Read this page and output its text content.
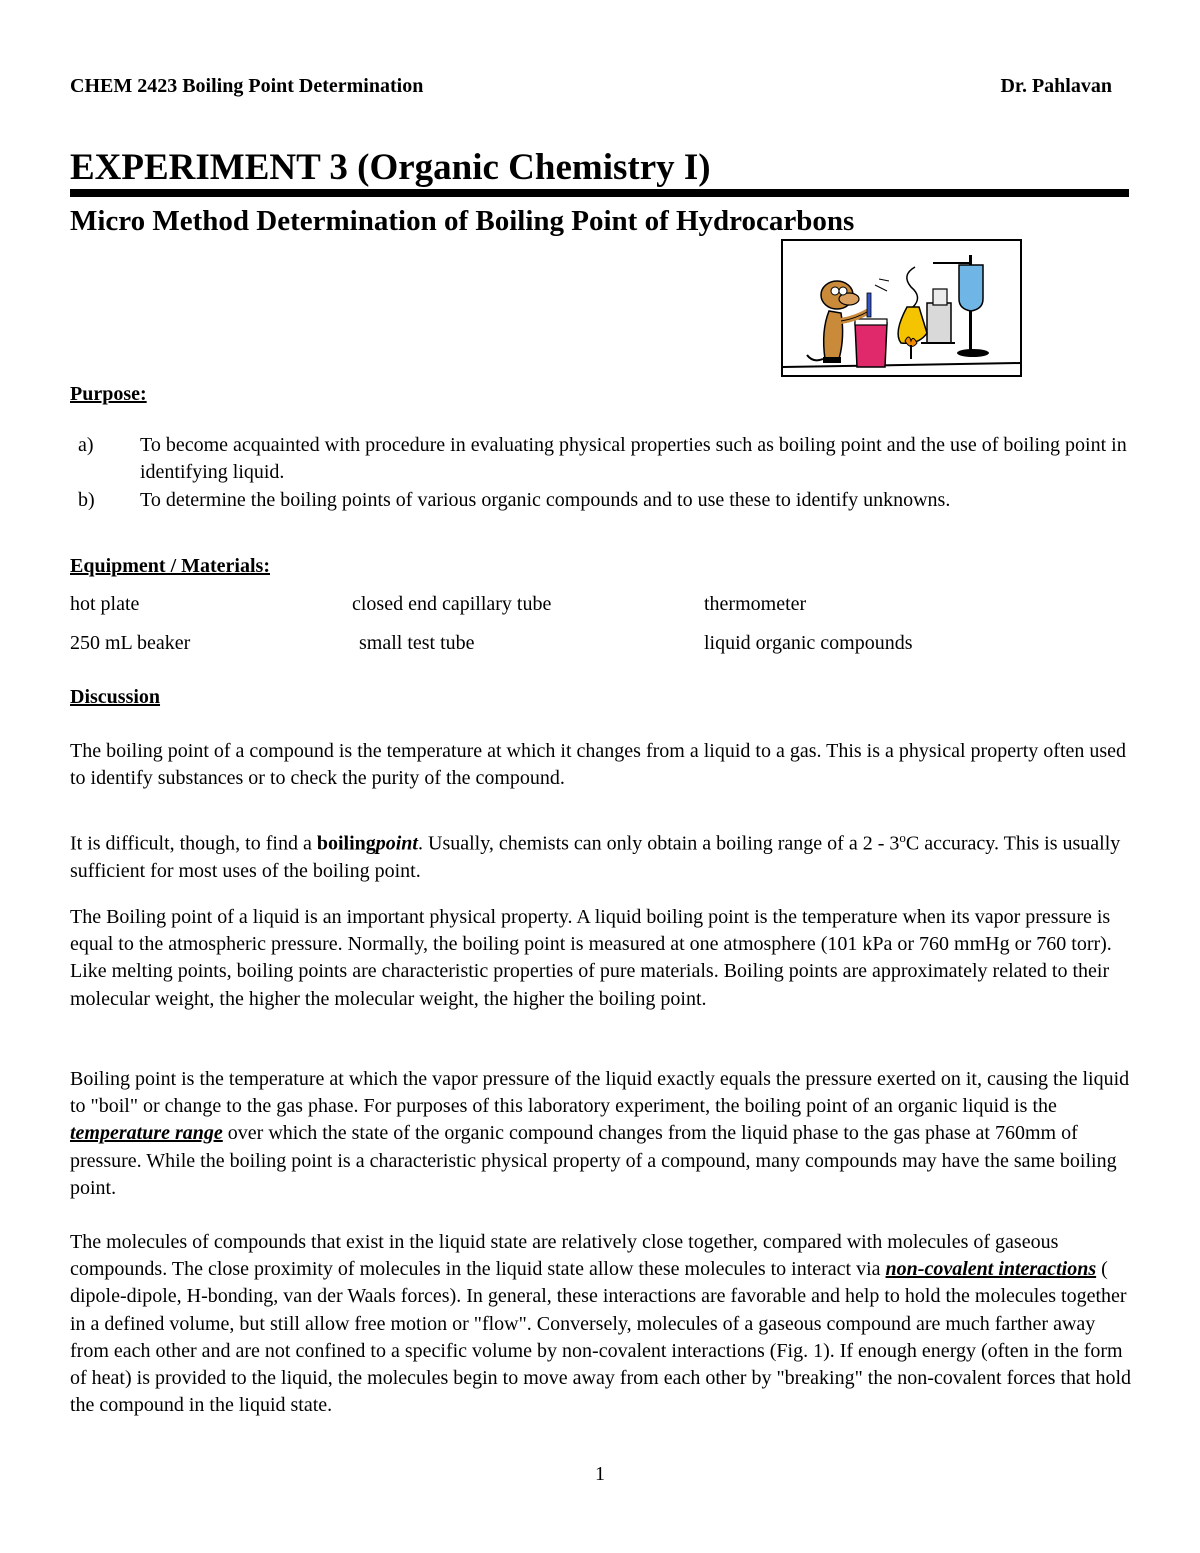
CHEM 2423 Boiling Point Determination	Dr. Pahlavan
EXPERIMENT 3 (Organic Chemistry I)
Micro Method Determination of Boiling Point of Hydrocarbons
Purpose:
a) To become acquainted with procedure in evaluating physical properties such as boiling point and the use of boiling point in identifying liquid.
b) To determine the boiling points of various organic compounds and to use these to identify unknowns.
Equipment / Materials:
hot plate	closed end capillary tube	thermometer
250 mL beaker	small test tube	liquid organic compounds
Discussion
The boiling point of a compound is the temperature at which it changes from a liquid to a gas. This is a physical property often used to identify substances or to check the purity of the compound.
It is difficult, though, to find a boilingpoint. Usually, chemists can only obtain a boiling range of a 2 - 3$^o$C accuracy. This is usually sufficient for most uses of the boiling point.
The Boiling point of a liquid is an important physical property. A liquid boiling point is the temperature when its vapor pressure is equal to the atmospheric pressure. Normally, the boiling point is measured at one atmosphere (101 kPa or 760 mmHg or 760 torr). Like melting points, boiling points are characteristic properties of pure materials. Boiling points are approximately related to their molecular weight, the higher the molecular weight, the higher the boiling point.
Boiling point is the temperature at which the vapor pressure of the liquid exactly equals the pressure exerted on it, causing the liquid to "boil" or change to the gas phase. For purposes of this laboratory experiment, the boiling point of an organic liquid is the temperature range over which the state of the organic compound changes from the liquid phase to the gas phase at 760mm of pressure. While the boiling point is a characteristic physical property of a compound, many compounds may have the same boiling point.
The molecules of compounds that exist in the liquid state are relatively close together, compared with molecules of gaseous compounds. The close proximity of molecules in the liquid state allow these molecules to interact via non-covalent interactions ( dipole-dipole, H-bonding, van der Waals forces). In general, these interactions are favorable and help to hold the molecules together in a defined volume, but still allow free motion or "flow". Conversely, molecules of a gaseous compound are much farther away from each other and are not confined to a specific volume by non-covalent interactions (Fig. 1). If enough energy (often in the form of heat) is provided to the liquid, the molecules begin to move away from each other by "breaking" the non-covalent forces that hold the compound in the liquid state.
1
